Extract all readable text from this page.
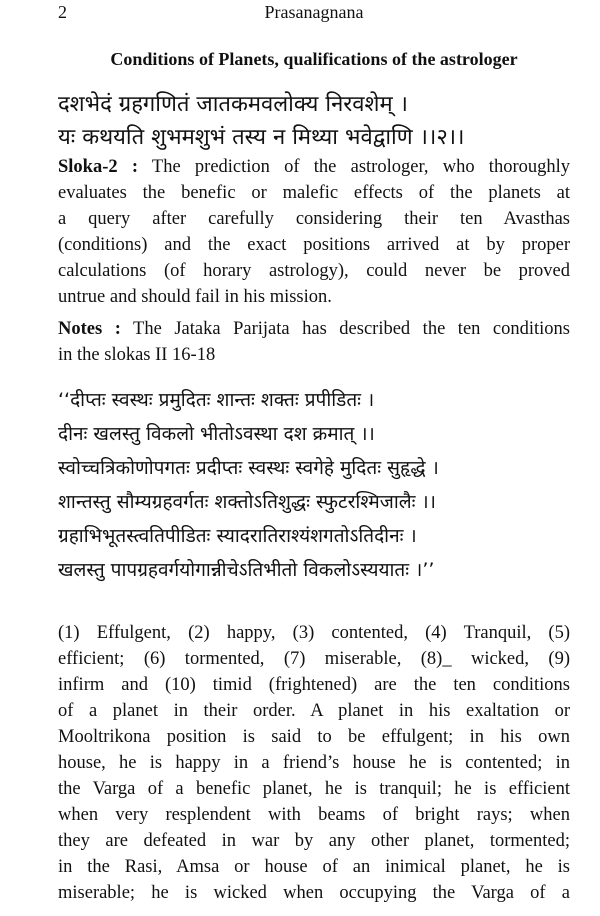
2	Prasanagnana
Conditions of Planets, qualifications of the astrologer
दशभेदं ग्रहगणितं जातकमवलोक्य निरवशेम् ।
यः कथयति शुभमशुभं तस्य न मिथ्या भवेद्वाणि ।।२।।
Sloka-2 : The prediction of the astrologer, who thoroughly
evaluates the benefic or malefic effects of the planets at
a query after carefully considering their ten Avasthas
(conditions) and the exact positions arrived at by proper
calculations (of horary astrology), could never be proved
untrue and should fail in his mission.
Notes : The Jataka Parijata has described the ten conditions
in the slokas II 16-18
‘‘दीप्तः स्वस्थः प्रमुदितः शान्तः शक्तः प्रपीडितः ।
दीनः खलस्तु विकलो भीतोऽवस्था दश क्रमात् ।।
स्वोच्चत्रिकोणोपगतः प्रदीप्तः स्वस्थः स्वगेहे मुदितः सुहृद्धे ।
शान्तस्तु सौम्यग्रहवर्गतः शक्तोऽतिशुद्धः स्फुटरश्मिजालैः ।।
ग्रहाभिभूतस्त्वतिपीडितः स्यादरातिराश्यंशगतोऽतिदीनः ।
खलस्तु पापग्रहवर्गयोगान्नीचेऽतिभीतो विकलोऽस्ययातः ।’’
(1) Effulgent, (2) happy, (3) contented, (4) Tranquil, (5)
efficient; (6) tormented, (7) miserable, (8)_ wicked, (9)
infirm and (10) timid (frightened) are the ten conditions
of a planet in their order. A planet in his exaltation or
Mooltrikona position is said to be effulgent; in his own
house, he is happy in a friend’s house he is contented; in
the Varga of a benefic planet, he is tranquil; he is efficient
when very resplendent with beams of bright rays; when
they are defeated in war by any other planet, tormented;
in the Rasi, Amsa or house of an inimical planet, he is
miserable; he is wicked when occupying the Varga of a
